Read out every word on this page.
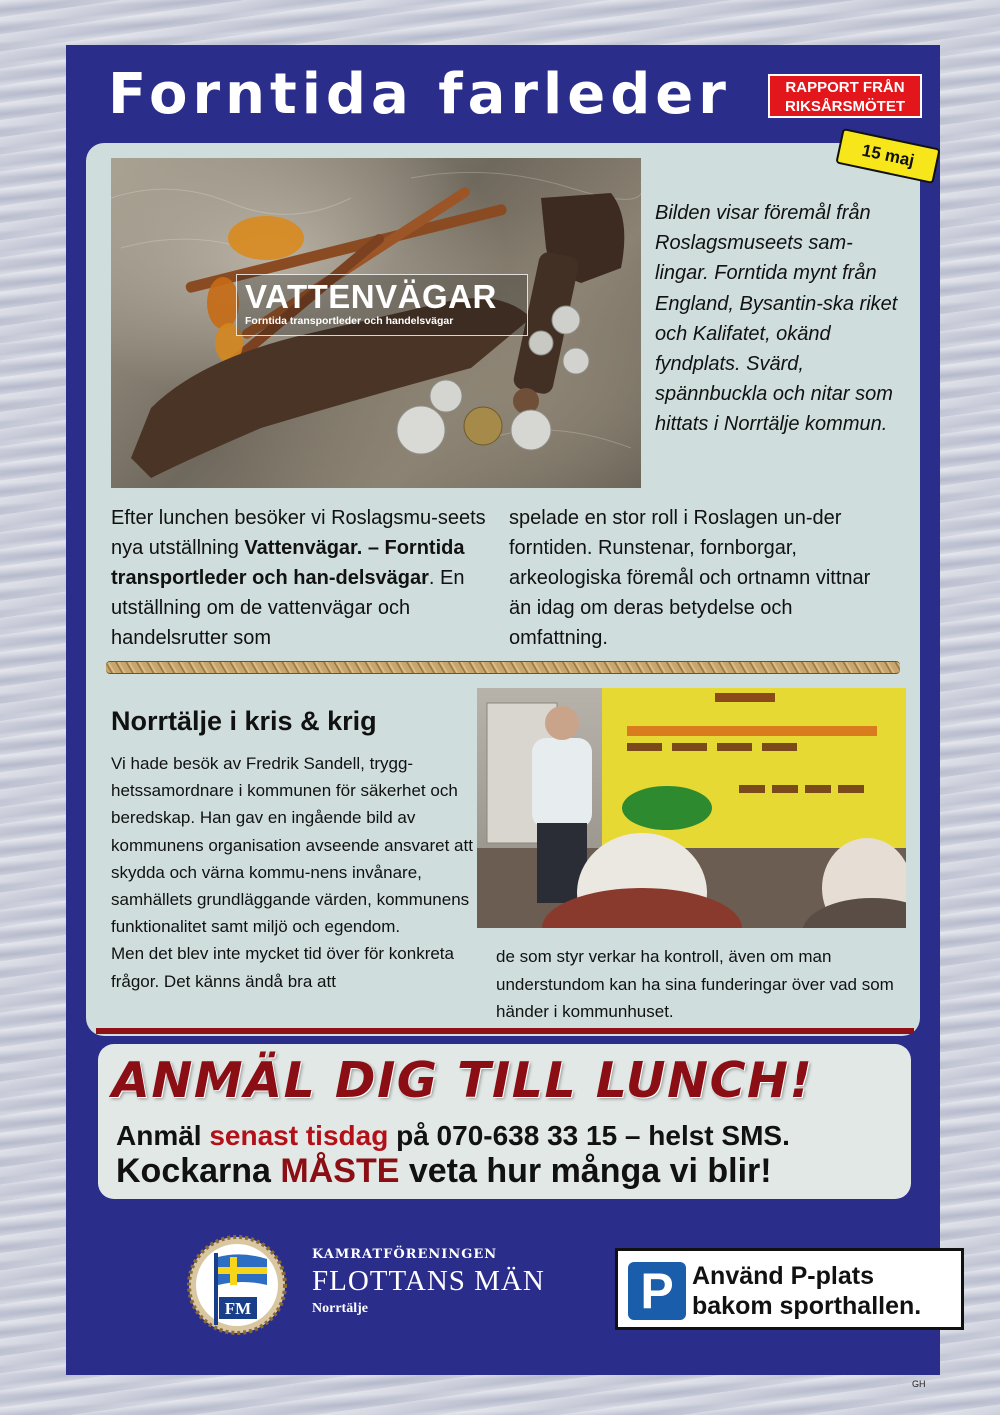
Forntida farleder	RAPPORT FRÅN
RIKSÅRSMÖTET
15 maj
VATTENVÄGAR
Forntida transportleder och handelsvägar
Bilden visar föremål från Roslagsmuseets sam-lingar. Forntida mynt från England, Bysantin-ska riket och Kalifatet, okänd fyndplats. Svärd, spännbuckla och nitar som hittats i Norrtälje kommun.
Efter lunchen besöker vi Roslagsmu-seets nya utställning Vattenvägar. – Forntida transportleder och han-delsvägar. En utställning om de vattenvägar och handelsrutter som
spelade en stor roll i Roslagen un-der forntiden. Runstenar, fornborgar, arkeologiska föremål och ortnamn vittnar än idag om deras betydelse och omfattning.
Norrtälje i kris & krig
Vi hade besök av Fredrik Sandell, trygg-hetssamordnare i kommunen för säkerhet och beredskap. Han gav en ingående bild av kommunens organisation avseende ansvaret att skydda och värna kommu-nens invånare, samhällets grundläggande värden, kommunens funktionalitet samt miljö och egendom.
Men det blev inte mycket tid över för konkreta frågor. Det känns ändå bra att
de som styr verkar ha kontroll, även om man understundom kan ha sina funderingar över vad som händer i kommunhuset.
ANMÄL DIG TILL LUNCH!
Anmäl senast tisdag på 070-638 33 15 – helst SMS.
Kockarna MÅSTE veta hur många vi blir!
FM
KAMRATFÖRENINGEN
FLOTTANS MÄN
Norrtälje	P Använd P-plats
bakom sporthallen.
GH
